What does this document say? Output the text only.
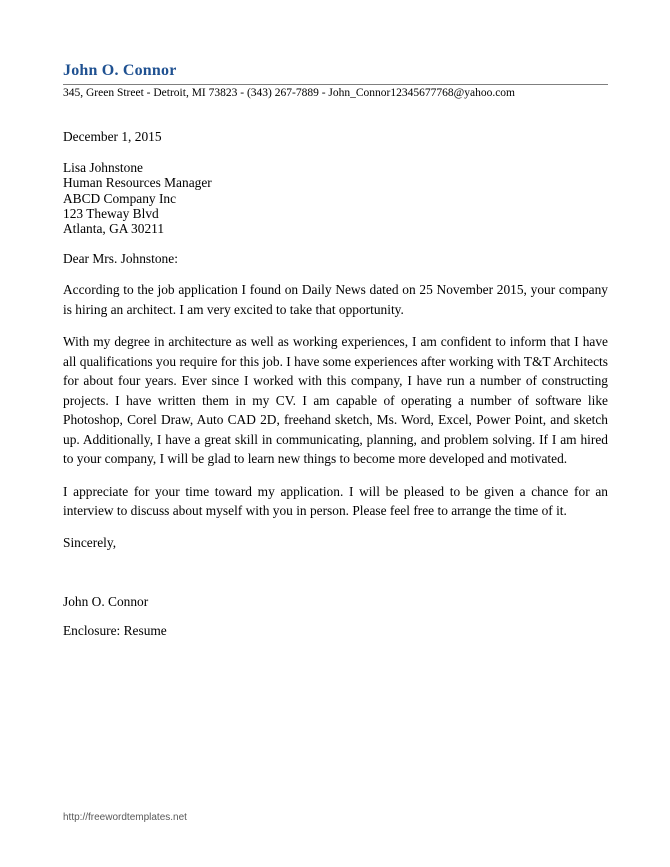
John O. Connor
345, Green Street - Detroit, MI 73823 - (343) 267-7889 - John_Connor12345677768@yahoo.com
December 1, 2015
Lisa Johnstone
Human Resources Manager
ABCD Company Inc
123 Theway Blvd
Atlanta, GA 30211
Dear Mrs. Johnstone:
According to the job application I found on Daily News dated on 25 November 2015, your company is hiring an architect. I am very excited to take that opportunity.
With my degree in architecture as well as working experiences, I am confident to inform that I have all qualifications you require for this job. I have some experiences after working with T&T Architects for about four years. Ever since I worked with this company, I have run a number of constructing projects. I have written them in my CV. I am capable of operating a number of software like Photoshop, Corel Draw, Auto CAD 2D, freehand sketch, Ms. Word, Excel, Power Point, and sketch up. Additionally, I have a great skill in communicating, planning, and problem solving. If I am hired to your company, I will be glad to learn new things to become more developed and motivated.
I appreciate for your time toward my application. I will be pleased to be given a chance for an interview to discuss about myself with you in person. Please feel free to arrange the time of it.
Sincerely,
John O. Connor
Enclosure: Resume
http://freewordtemplates.net
